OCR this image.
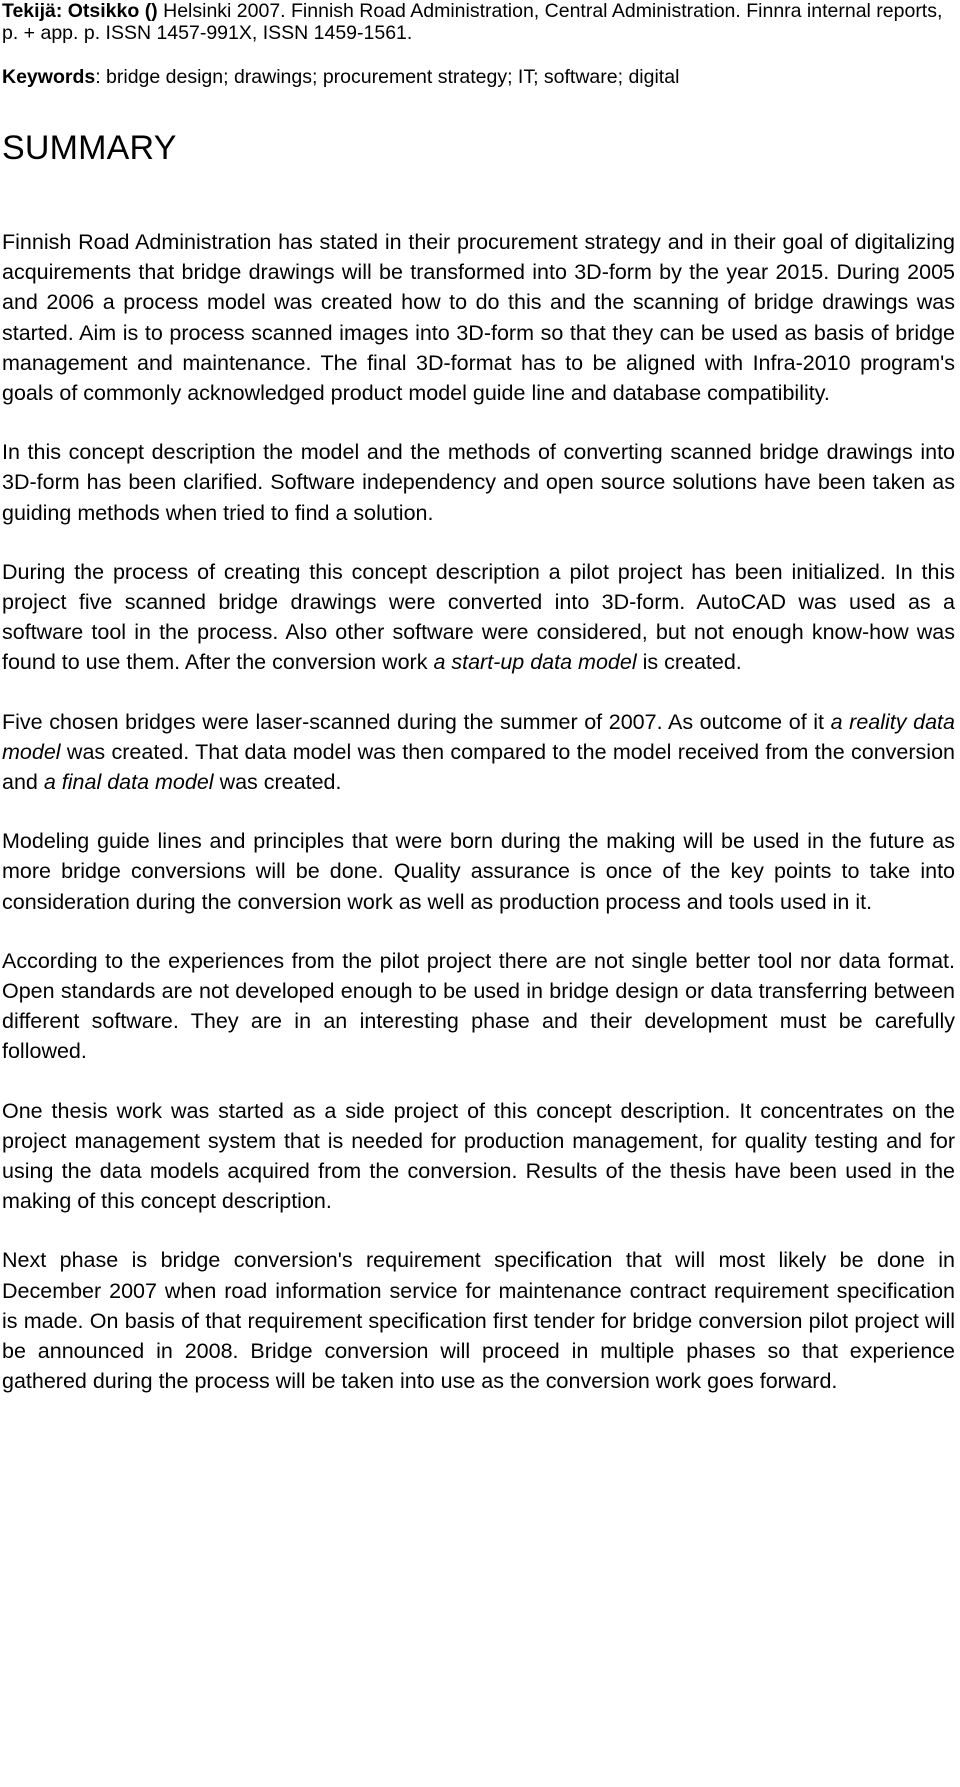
Tekijä: Otsikko () Helsinki 2007. Finnish Road Administration, Central Administration. Finnra internal reports, p. + app. p. ISSN 1457-991X, ISSN 1459-1561.

Keywords: bridge design; drawings; procurement strategy; IT; software; digital
SUMMARY

Finnish Road Administration has stated in their procurement strategy and in their goal of digitalizing acquirements that bridge drawings will be transformed into 3D-form by the year 2015. During 2005 and 2006 a process model was created how to do this and the scanning of bridge drawings was started. Aim is to process scanned images into 3D-form so that they can be used as basis of bridge management and maintenance. The final 3D-format has to be aligned with Infra-2010 program's goals of commonly acknowledged product model guide line and database compatibility.

In this concept description the model and the methods of converting scanned bridge drawings into 3D-form has been clarified. Software independency and open source solutions have been taken as guiding methods when tried to find a solution.

During the process of creating this concept description a pilot project has been initialized. In this project five scanned bridge drawings were converted into 3D-form. AutoCAD was used as a software tool in the process. Also other software were considered, but not enough know-how was found to use them. After the conversion work a start-up data model is created.

Five chosen bridges were laser-scanned during the summer of 2007. As outcome of it a reality data model was created. That data model was then compared to the model received from the conversion and a final data model was created.

Modeling guide lines and principles that were born during the making will be used in the future as more bridge conversions will be done. Quality assurance is once of the key points to take into consideration during the conversion work as well as production process and tools used in it.

According to the experiences from the pilot project there are not single better tool nor data format. Open standards are not developed enough to be used in bridge design or data transferring between different software. They are in an interesting phase and their development must be carefully followed.

One thesis work was started as a side project of this concept description. It concentrates on the project management system that is needed for production management, for quality testing and for using the data models acquired from the conversion. Results of the thesis have been used in the making of this concept description.

Next phase is bridge conversion's requirement specification that will most likely be done in December 2007 when road information service for maintenance contract requirement specification is made. On basis of that requirement specification first tender for bridge conversion pilot project will be announced in 2008. Bridge conversion will proceed in multiple phases so that experience gathered during the process will be taken into use as the conversion work goes forward.
